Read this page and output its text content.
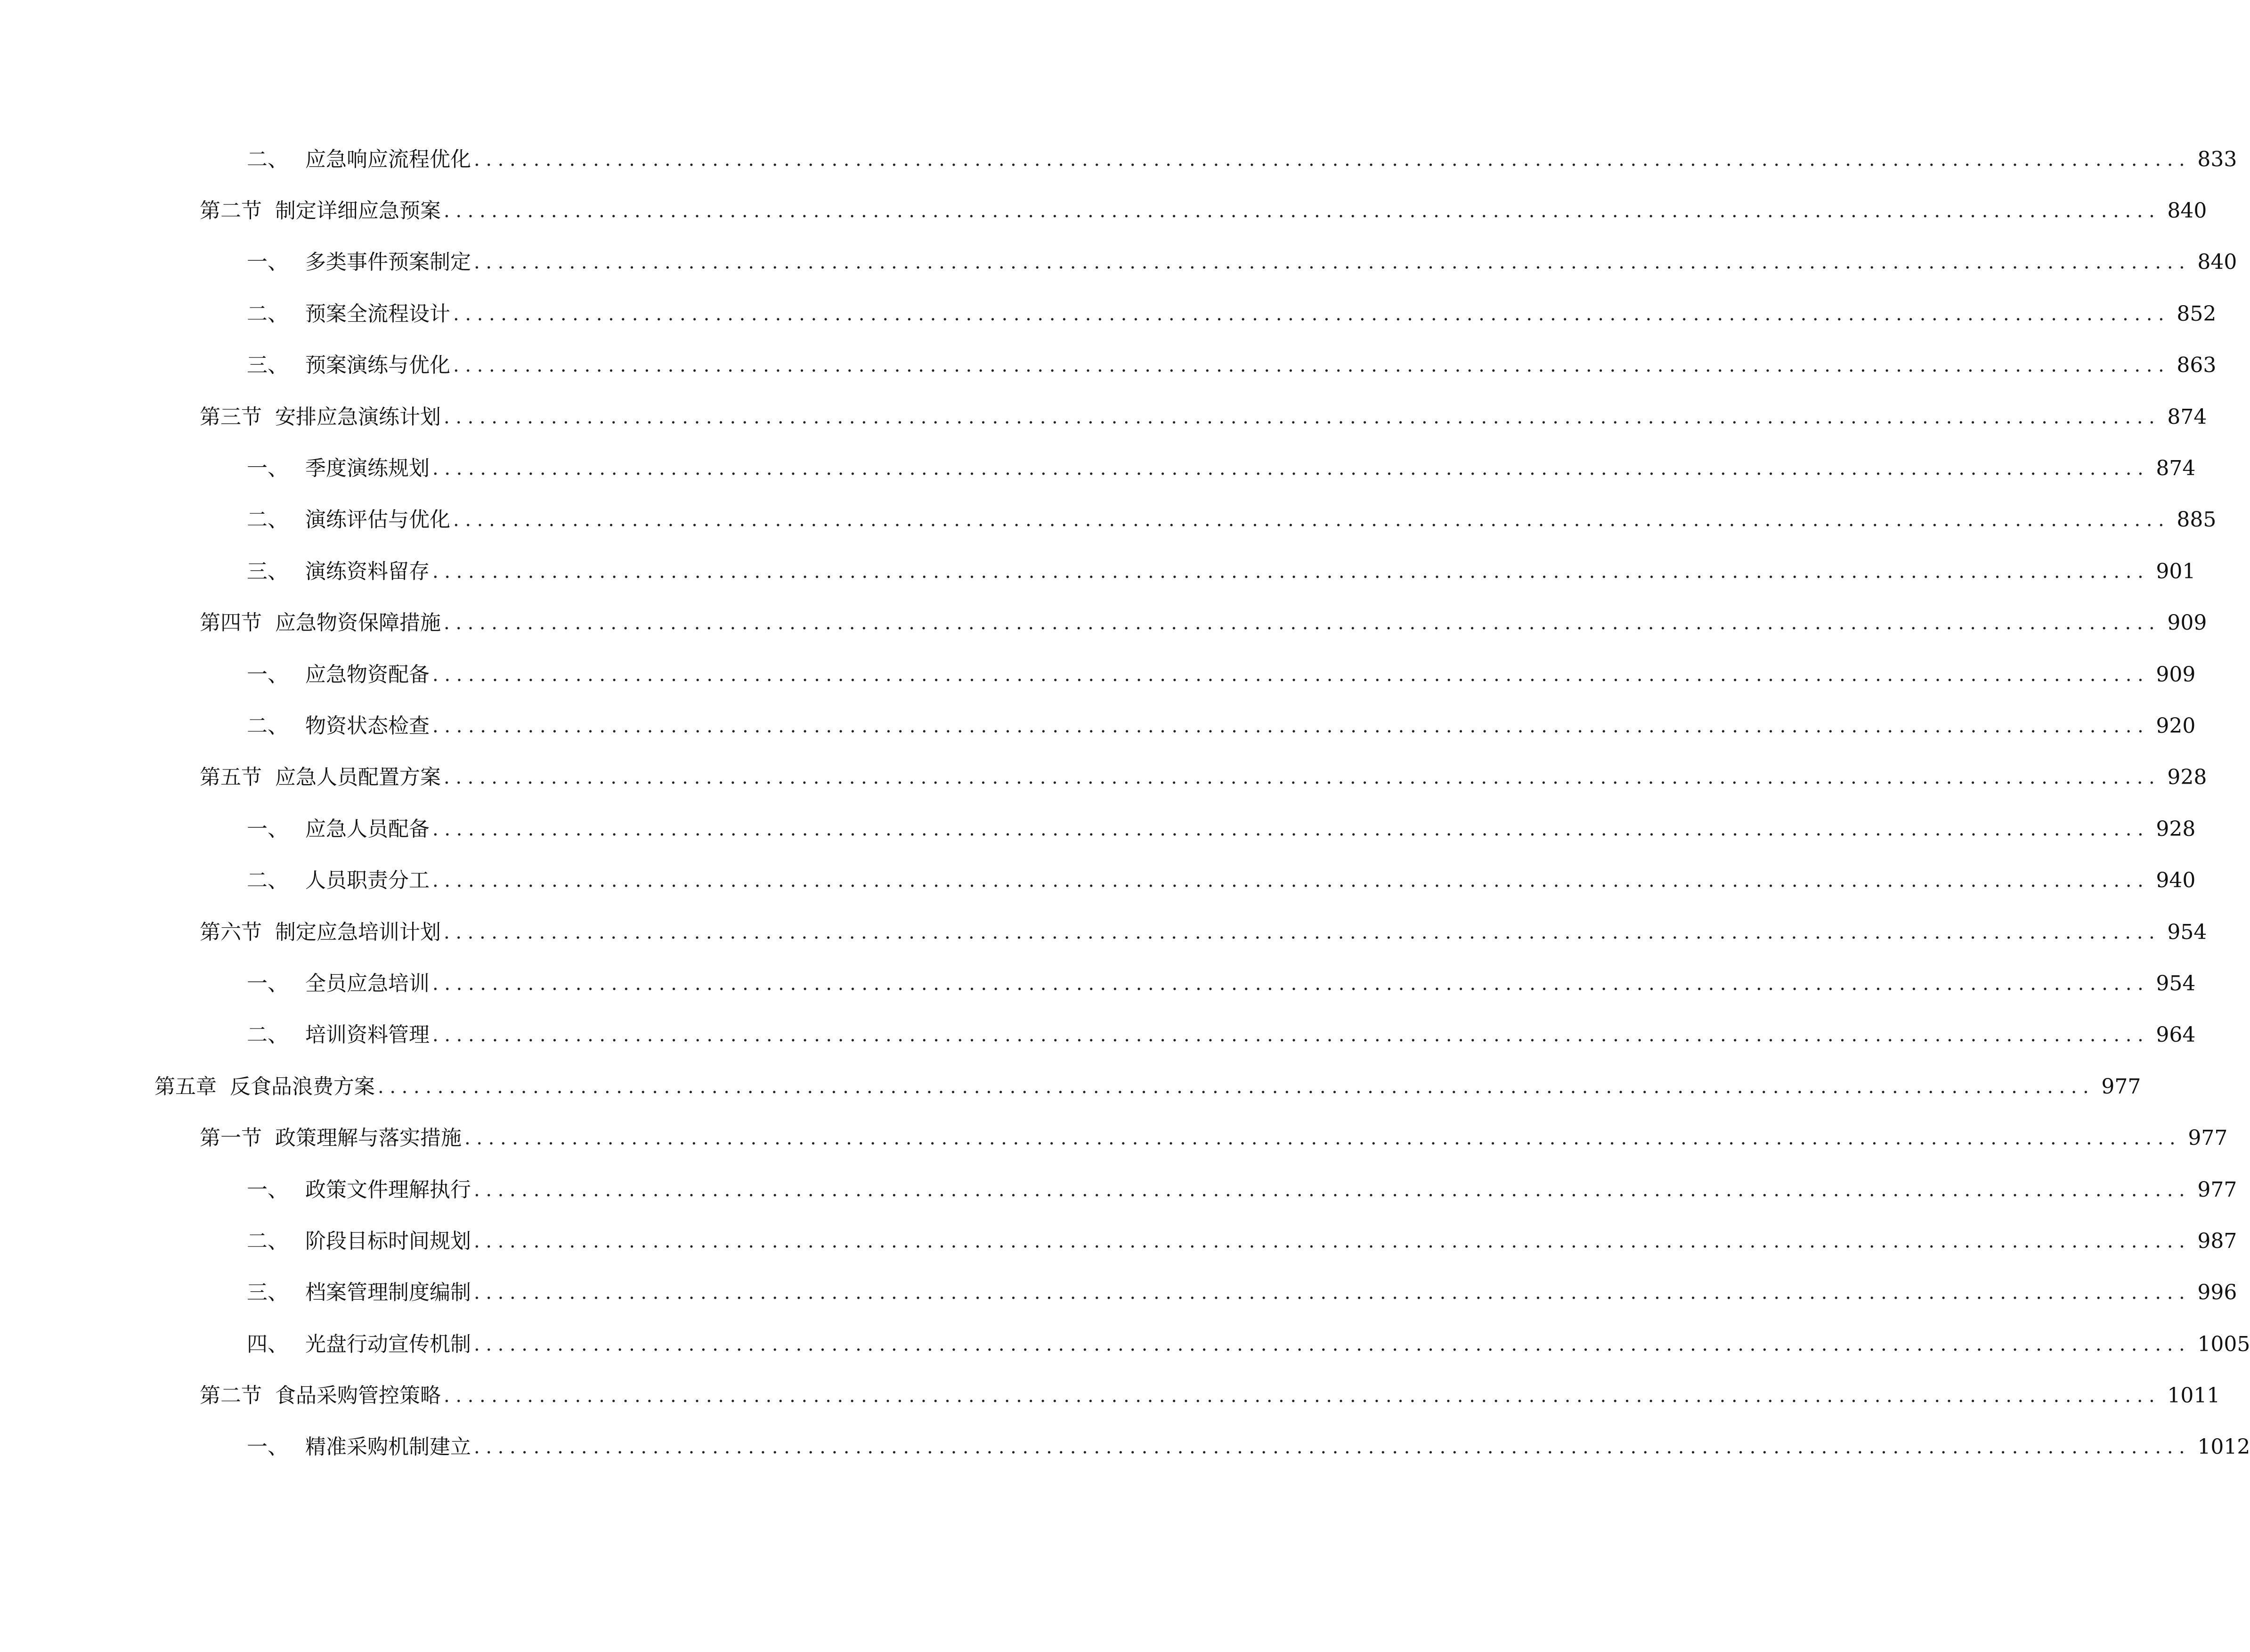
二、 应急响应流程优化 ................................................................................................................................................ 833
第二节 制定详细应急预案 ................................................................................................................................................ 840
一、 多类事件预案制定 ................................................................................................................................................ 840
二、 预案全流程设计 ................................................................................................................................................ 852
三、 预案演练与优化 ................................................................................................................................................ 863
第三节 安排应急演练计划 ................................................................................................................................................ 874
一、 季度演练规划 ................................................................................................................................................ 874
二、 演练评估与优化 ................................................................................................................................................ 885
三、 演练资料留存 ................................................................................................................................................ 901
第四节 应急物资保障措施 ................................................................................................................................................ 909
一、 应急物资配备 ................................................................................................................................................ 909
二、 物资状态检查 ................................................................................................................................................ 920
第五节 应急人员配置方案 ................................................................................................................................................ 928
一、 应急人员配备 ................................................................................................................................................ 928
二、 人员职责分工 ................................................................................................................................................ 940
第六节 制定应急培训计划 ................................................................................................................................................ 954
一、 全员应急培训 ................................................................................................................................................ 954
二、 培训资料管理 ................................................................................................................................................ 964
第五章 反食品浪费方案 ................................................................................................................................................ 977
第一节 政策理解与落实措施 ................................................................................................................................................ 977
一、 政策文件理解执行 ................................................................................................................................................ 977
二、 阶段目标时间规划 ................................................................................................................................................ 987
三、 档案管理制度编制 ................................................................................................................................................ 996
四、 光盘行动宣传机制 ................................................................................................................................................ 1005
第二节 食品采购管控策略 ................................................................................................................................................ 1011
一、 精准采购机制建立 ................................................................................................................................................ 1012
